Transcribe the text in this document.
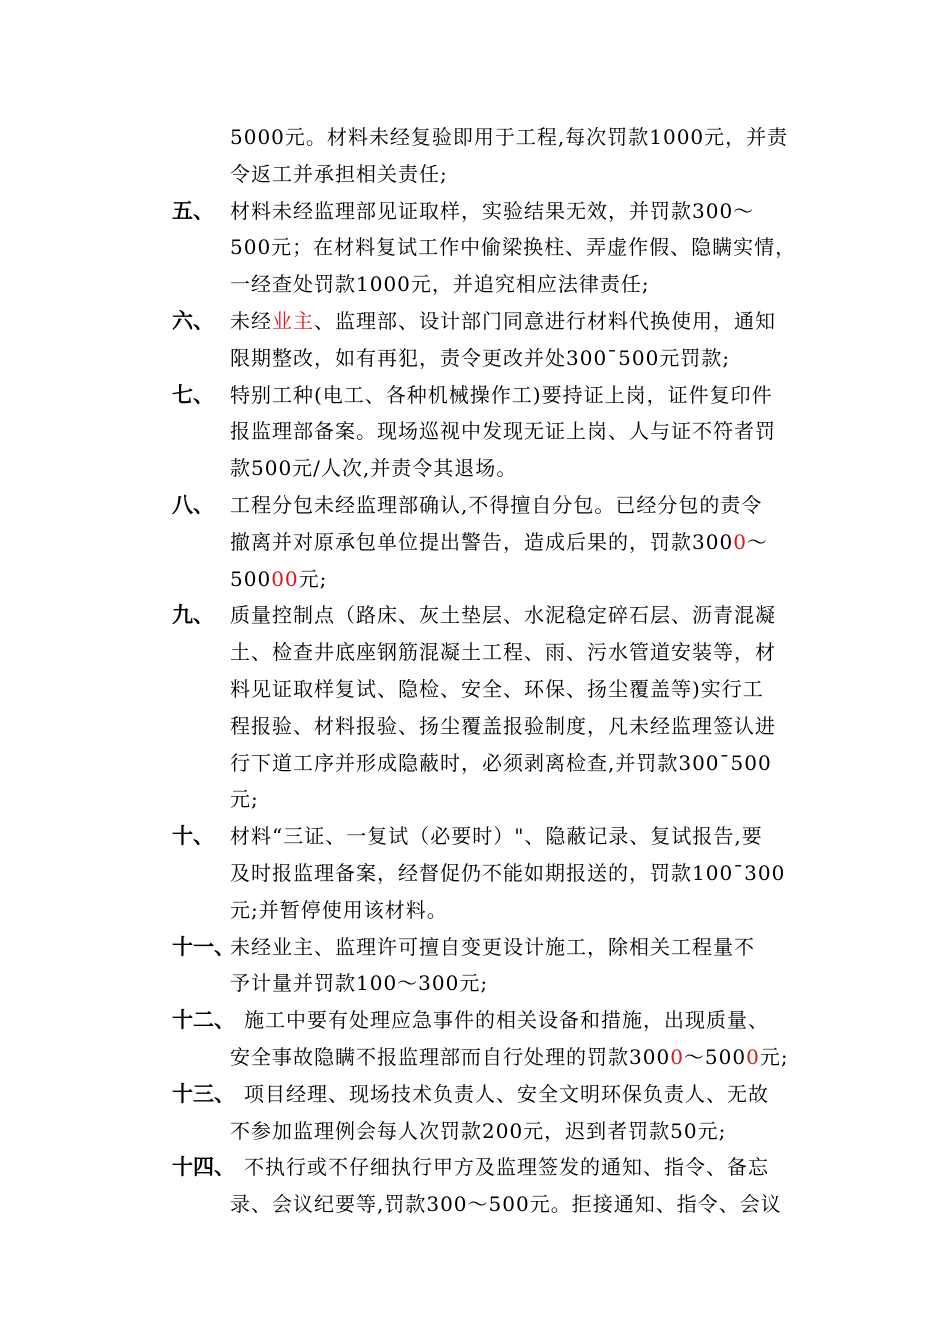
5000元。材料未经复验即用于工程,每次罚款1000元，并责
令返工并承担相关责任;
五、 材料未经监理部见证取样，实验结果无效，并罚款300～
500元；在材料复试工作中偷梁换柱、弄虚作假、隐瞒实情，
一经查处罚款1000元，并追究相应法律责任;
六、 未经业主、监理部、设计部门同意进行材料代换使用，通知
限期整改，如有再犯，责令更改并处300¯500元罚款;
七、 特别工种(电工、各种机械操作工)要持证上岗，证件复印件
报监理部备案。现场巡视中发现无证上岗、人与证不符者罚
款500元/人次,并责令其退场。
八、 工程分包未经监理部确认,不得擅自分包。已经分包的责令
撤离并对原承包单位提出警告，造成后果的，罚款3000～
50000元;
九、 质量控制点（路床、灰土垫层、水泥稳定碎石层、沥青混凝
土、检查井底座钢筋混凝土工程、雨、污水管道安装等，材
料见证取样复试、隐检、安全、环保、扬尘覆盖等)实行工
程报验、材料报验、扬尘覆盖报验制度，凡未经监理签认进
行下道工序并形成隐蔽时，必须剥离检查,并罚款300¯500
元;
十、 材料“三证、一复试（必要时）"、隐蔽记录、复试报告,要
及时报监理备案，经督促仍不能如期报送的，罚款100¯300
元;并暂停使用该材料。
十一、
未经业主、监理许可擅自变更设计施工，除相关工程量不
予计量并罚款100～300元;
十二、 施工中要有处理应急事件的相关设备和措施，出现质量、
安全事故隐瞒不报监理部而自行处理的罚款3000～5000元;
十三、 项目经理、现场技术负责人、安全文明环保负责人、无故
不参加监理例会每人次罚款200元，迟到者罚款50元;
十四、 不执行或不仔细执行甲方及监理签发的通知、指令、备忘
录、会议纪要等,罚款300～500元。拒接通知、指令、会议
